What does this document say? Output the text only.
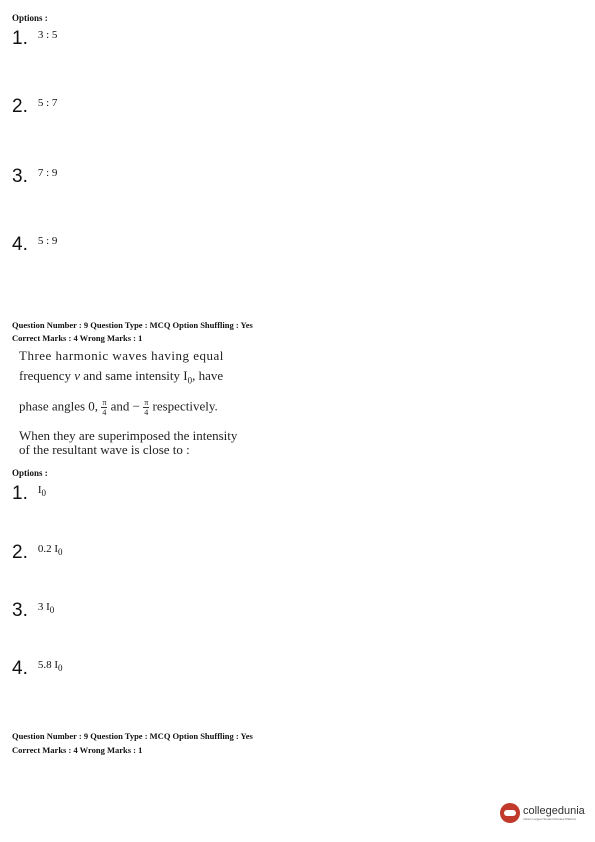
Options :
1. $^{3 : 5}$
2. $^{5 : 7}$
3. $^{7 : 9}$
4. $^{5 : 9}$
Question Number : 9 Question Type : MCQ Option Shuffling : Yes
Correct Marks : 4 Wrong Marks : 1
Three harmonic waves having equal
frequency ν and same intensity $I_0$, have
phase angles 0, $\frac{\pi}{4}$ and − $\frac{\pi}{4}$ respectively.
When they are superimposed the intensity
of the resultant wave is close to :
Options :
1. $^{I_0}$
2. $^{0.2 I_0}$
3. $^{3 I_0}$
4. $^{5.8 I_0}$
Question Number : 9 Question Type : MCQ Option Shuffling : Yes
Correct Marks : 4 Wrong Marks : 1
collegedunia
India's Largest Student Review Platform
